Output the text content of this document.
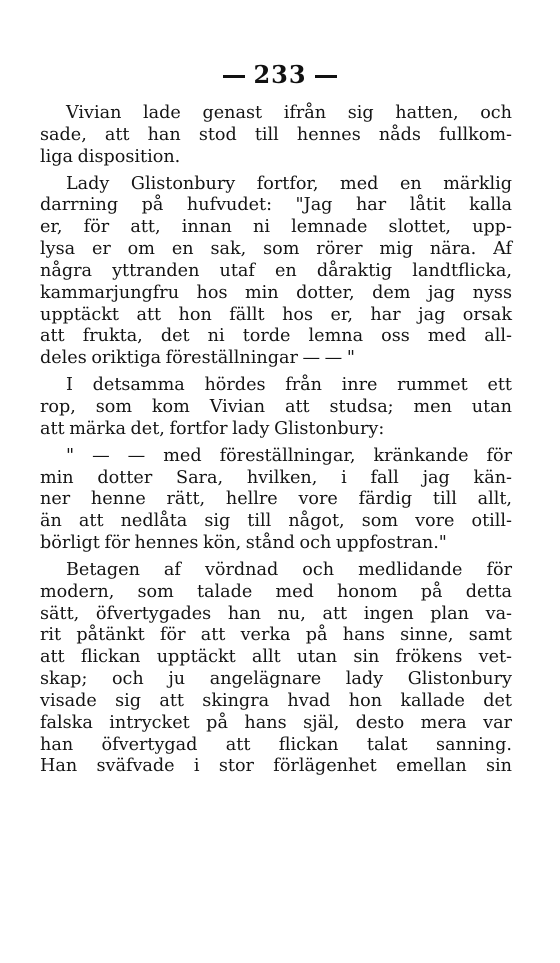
233

Vivian lade genast ifrån sig hatten, och
sade, att han stod till hennes nåds fullkom-
liga disposition.

Lady Glistonbury fortfor, med en märklig
darrning på hufvudet: "Jag har låtit kalla
er, för att, innan ni lemnade slottet, upp-
lysa er om en sak, som rörer mig nära. Af
några yttranden utaf en dåraktig landtflicka,
kammarjungfru hos min dotter, dem jag nyss
upptäckt att hon fällt hos er, har jag orsak
att frukta, det ni torde lemna oss med all-
deles oriktiga föreställningar — — "

I detsamma hördes från inre rummet ett
rop, som kom Vivian att studsa; men utan
att märka det, fortfor lady Glistonbury:

" — — med föreställningar, kränkande för
min dotter Sara, hvilken, i fall jag kän-
ner henne rätt, hellre vore färdig till allt,
än att nedlåta sig till något, som vore otill-
börligt för hennes kön, stånd och uppfostran."

Betagen af vördnad och medlidande för
modern, som talade med honom på detta
sätt, öfvertygades han nu, att ingen plan va-
rit påtänkt för att verka på hans sinne, samt
att flickan upptäckt allt utan sin frökens vet-
skap; och ju angelägnare lady Glistonbury
visade sig att skingra hvad hon kallade det
falska intrycket på hans själ, desto mera var
han öfvertygad att flickan talat sanning.
Han sväfvade i stor förlägenhet emellan sin
